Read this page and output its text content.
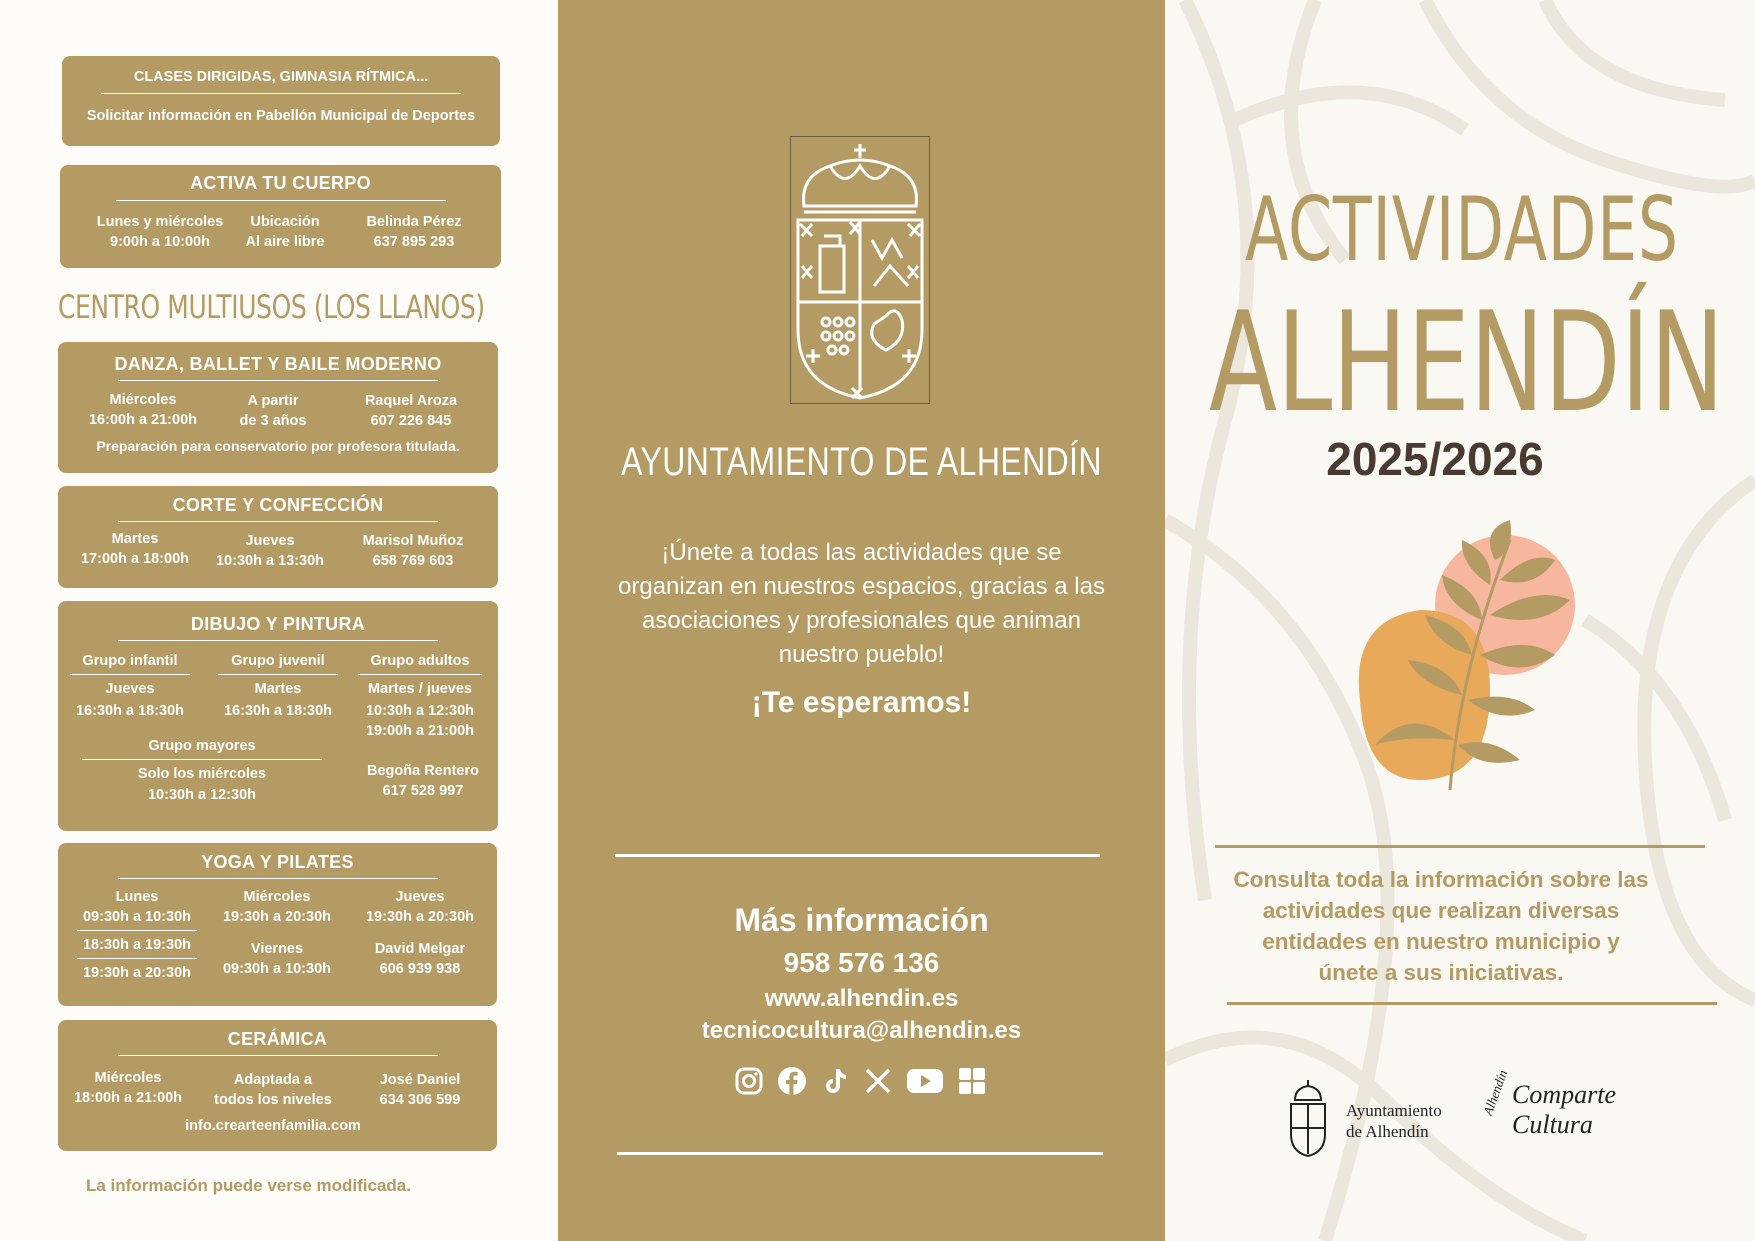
CLASES DIRIGIDAS, GIMNASIA RÍTMICA...
Solicitar información en Pabellón Municipal de Deportes
ACTIVA TU CUERPO
Lunes y miércoles
9:00h a 10:00h
Ubicación
Al aire libre
Belinda Pérez
637 895 293
CENTRO MULTIUSOS (LOS LLANOS)
DANZA, BALLET Y BAILE MODERNO
Miércoles
16:00h a 21:00h
A partir
de 3 años
Raquel Aroza
607 226 845
Preparación para conservatorio por profesora titulada.
CORTE Y CONFECCIÓN
Martes
17:00h a 18:00h
Jueves
10:30h a 13:30h
Marisol Muñoz
658 769 603
DIBUJO Y PINTURA
Grupo infantil
Jueves
16:30h a 18:30h
Grupo juvenil
Martes
16:30h a 18:30h
Grupo adultos
Martes / jueves
10:30h a 12:30h
19:00h a 21:00h
Grupo mayores
Solo los miércoles
10:30h a 12:30h
Begoña Rentero
617 528 997
YOGA Y PILATES
Lunes
09:30h a 10:30h
18:30h a 19:30h
19:30h a 20:30h
Miércoles
19:30h a 20:30h
Viernes
09:30h a 10:30h
Jueves
19:30h a 20:30h
David Melgar
606 939 938
CERÁMICA
Miércoles
18:00h a 21:00h
Adaptada a
todos los niveles
José Daniel
634 306 599
info.crearteenfamilia.com
La información puede verse modificada.
AYUNTAMIENTO DE ALHENDÍN
¡Únete a todas las actividades que se organizan en nuestros espacios, gracias a las asociaciones y profesionales que animan nuestro pueblo!
¡Te esperamos!
Más información
958 576 136
www.alhendin.es
tecnicocultura@alhendin.es
ACTIVIDADES
ALHENDÍN
2025/2026
Consulta toda la información sobre las actividades que realizan diversas entidades en nuestro municipio y únete a sus iniciativas.
Ayuntamiento
de Alhendín
Alhendín Comparte
Cultura
